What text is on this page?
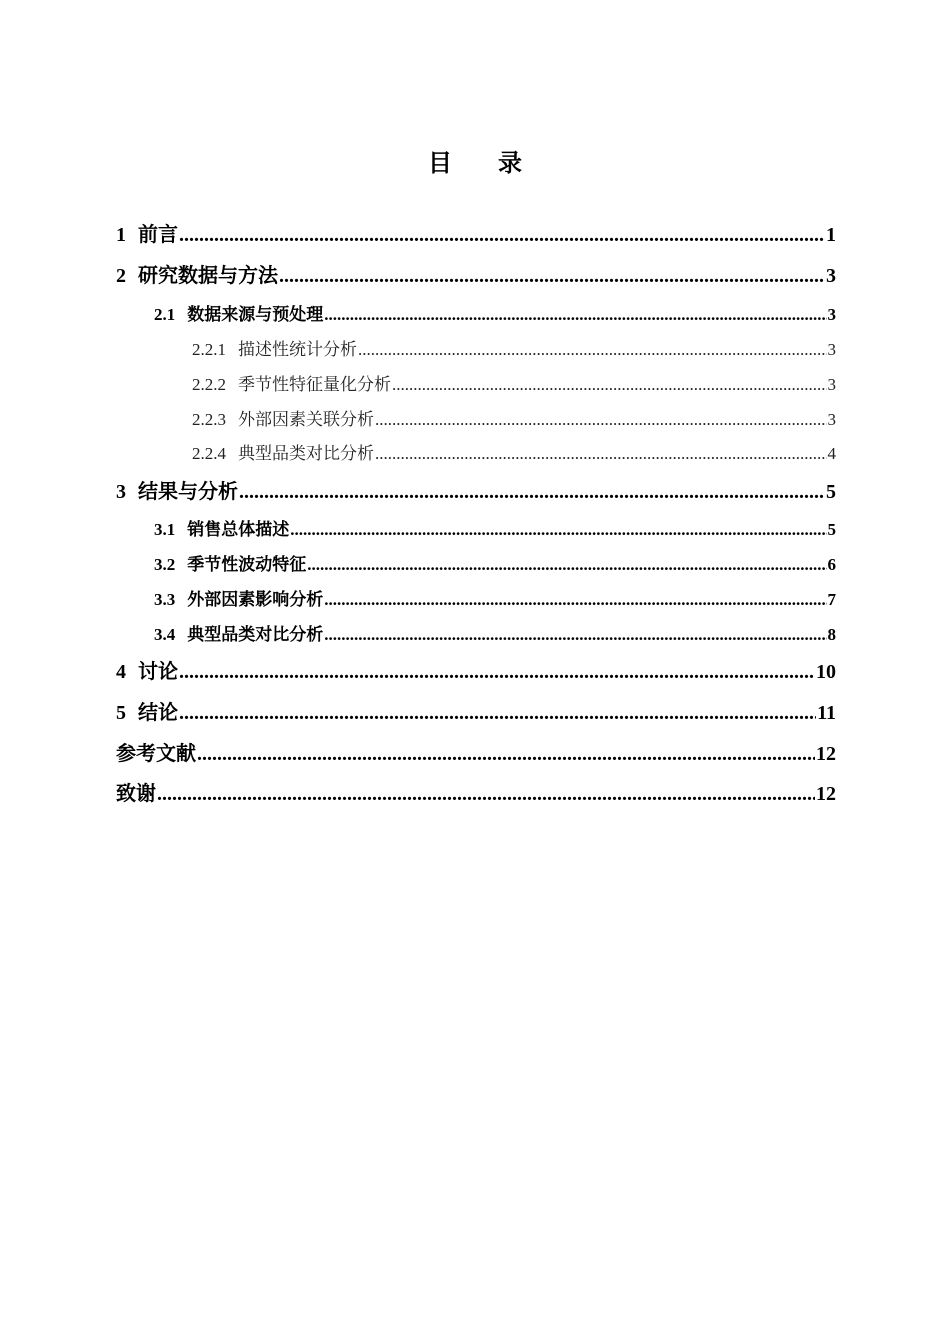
目 录
1 前言 .....	1
2 研究数据与方法 .....	3
2.1 数据来源与预处理 .....	3
2.2.1 描述性统计分析 .....	3
2.2.2 季节性特征量化分析 .....	3
2.2.3 外部因素关联分析 .....	3
2.2.4 典型品类对比分析 .....	4
3 结果与分析 .....	5
3.1 销售总体描述 .....	5
3.2 季节性波动特征 .....	6
3.3 外部因素影响分析 .....	7
3.4 典型品类对比分析 .....	8
4 讨论 .....	10
5 结论 .....	11
参考文献 .....	12
致谢 .....	12
